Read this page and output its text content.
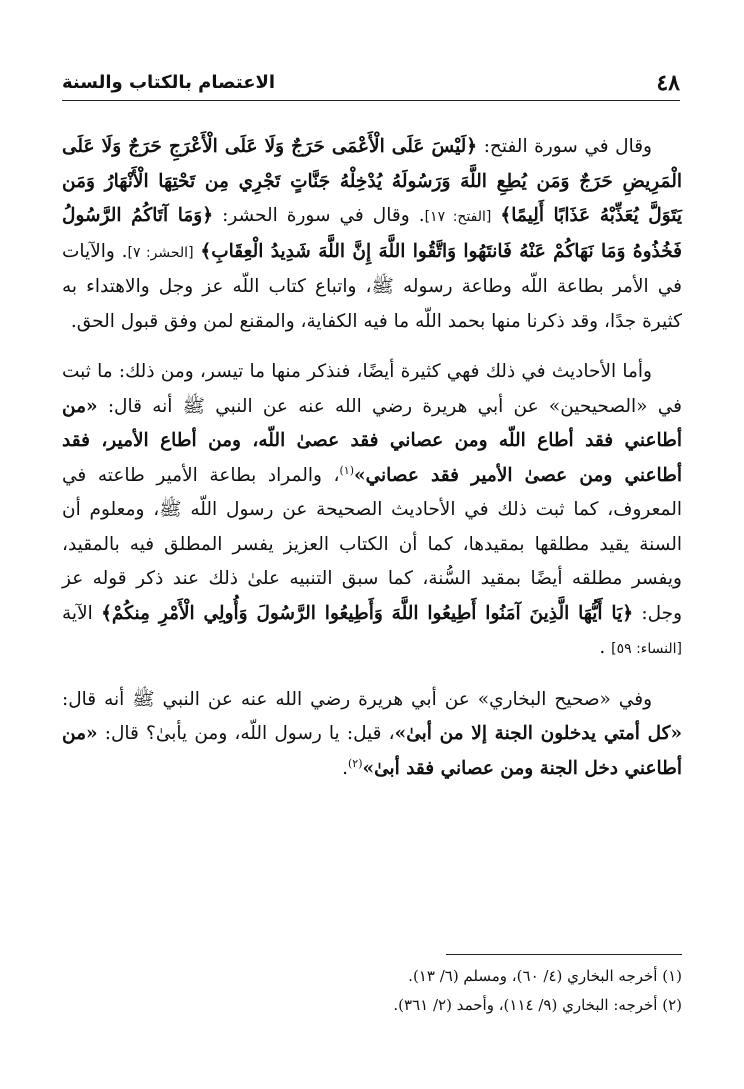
٤٨
الاعتصام بالكتاب والسنة

وقال في سورة الفتح: ﴿لَيْسَ عَلَى الْأَعْمَى حَرَجٌ وَلَا عَلَى الْأَعْرَجِ حَرَجٌ وَلَا عَلَى الْمَرِيضِ حَرَجٌ وَمَن يُطِعِ اللَّهَ وَرَسُولَهُ يُدْخِلْهُ جَنَّاتٍ تَجْرِي مِن تَحْتِهَا الْأَنْهَارُ وَمَن يَتَوَلَّ يُعَذِّبْهُ عَذَابًا أَلِيمًا﴾ [الفتح: ١٧]. وقال في سورة الحشر: ﴿وَمَا آتَاكُمُ الرَّسُولُ فَخُذُوهُ وَمَا نَهَاكُمْ عَنْهُ فَانتَهُوا وَاتَّقُوا اللَّهَ إِنَّ اللَّهَ شَدِيدُ الْعِقَابِ﴾ [الحشر: ٧]. والآيات في الأمر بطاعة اللّه وطاعة رسوله ﷺ، واتباع كتاب اللّه عز وجل والاهتداء به كثيرة جدًا، وقد ذكرنا منها بحمد اللّه ما فيه الكفاية، والمقنع لمن وفق قبول الحق.

وأما الأحاديث في ذلك فهي كثيرة أيضًا، فنذكر منها ما تيسر، ومن ذلك: ما ثبت في «الصحيحين» عن أبي هريرة رضي الله عنه عن النبي ﷺ أنه قال: «من أطاعني فقد أطاع اللّه ومن عصاني فقد عصىٰ اللّه، ومن أطاع الأمير، فقد أطاعني ومن عصىٰ الأمير فقد عصاني»$^{(١)}$، والمراد بطاعة الأمير طاعته في المعروف، كما ثبت ذلك في الأحاديث الصحيحة عن رسول اللّه ﷺ، ومعلوم أن السنة يقيد مطلقها بمقيدها، كما أن الكتاب العزيز يفسر المطلق فيه بالمقيد، ويفسر مطلقه أيضًا بمقيد السُّنة، كما سبق التنبيه علىٰ ذلك عند ذكر قوله عز وجل: ﴿يَا أَيُّهَا الَّذِينَ آمَنُوا أَطِيعُوا اللَّهَ وَأَطِيعُوا الرَّسُولَ وَأُولِي الْأَمْرِ مِنكُمْ﴾ الآية [النساء: ٥٩] .

وفي «صحيح البخاري» عن أبي هريرة رضي الله عنه عن النبي ﷺ أنه قال: «كل أمتي يدخلون الجنة إلا من أبىٰ»، قيل: يا رسول اللّه، ومن يأبىٰ؟ قال: «من أطاعني دخل الجنة ومن عصاني فقد أبىٰ»$^{(٢)}$.

(١) أخرجه البخاري (٤/ ٦٠)، ومسلم (٦/ ١٣).
(٢) أخرجه: البخاري (٩/ ١١٤)، وأحمد (٢/ ٣٦١).
